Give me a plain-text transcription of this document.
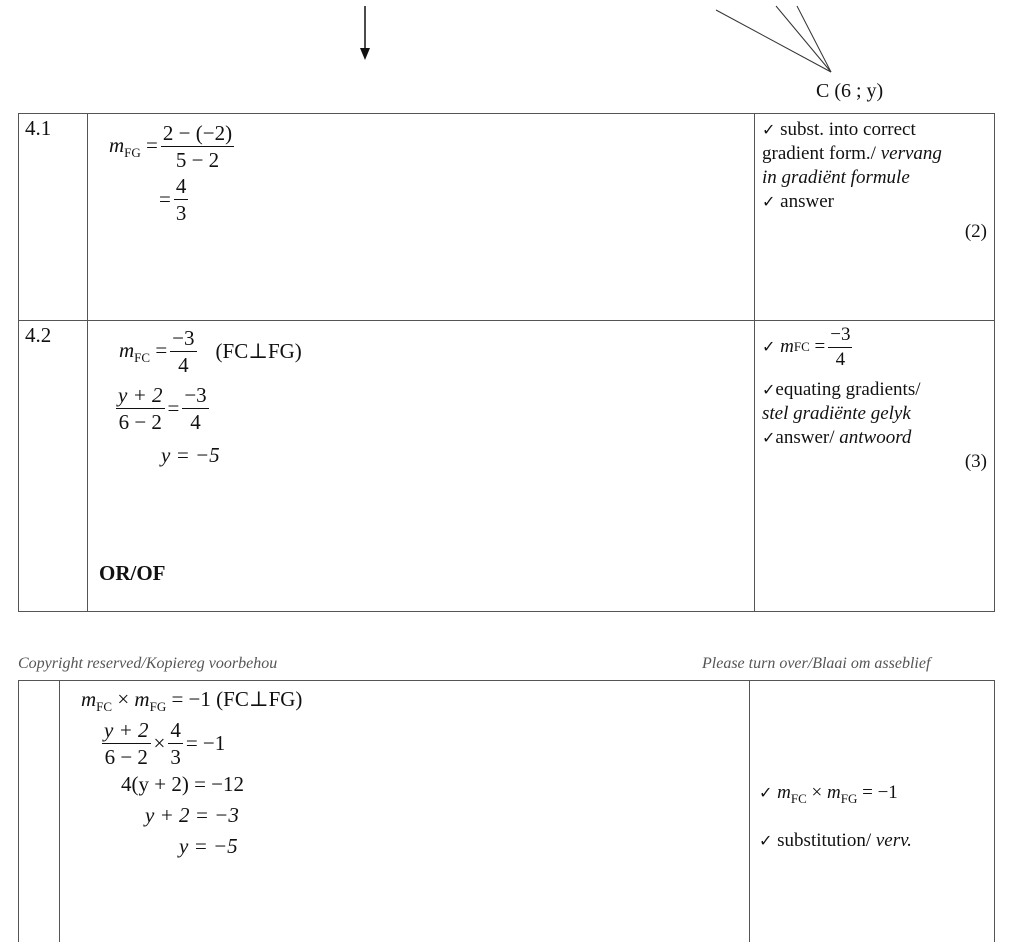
C (6 ; y)
4.1
$m_{FG} = \frac{2 - (-2)}{5 - 2}$
= $\frac{4}{3}$
✓ subst. into correct
gradient form./ vervang
in gradiënt formule
✓ answer
(2)
4.2
$m_{FC} = \frac{-3}{4}$ (FC⊥FG)
$\frac{y + 2}{6 - 2} = \frac{-3}{4}$
y = −5
OR/OF
✓
m FC = $\frac{-3}{4}$
✓equating gradients/
stel gradiënte gelyk
✓answer/ antwoord
(3)
Copyright reserved/Kopiereg voorbehou	Please turn over/Blaai om asseblief
$m_{FC} \times m_{FG} = -1$ (FC⊥FG)
$\frac{y + 2}{6 - 2} \times \frac{4}{3} = -1$
4(y + 2) = −12
y + 2 = −3
y = −5
✓ $m_{FC} \times m_{FG} = -1$
✓ substitution/ verv.
